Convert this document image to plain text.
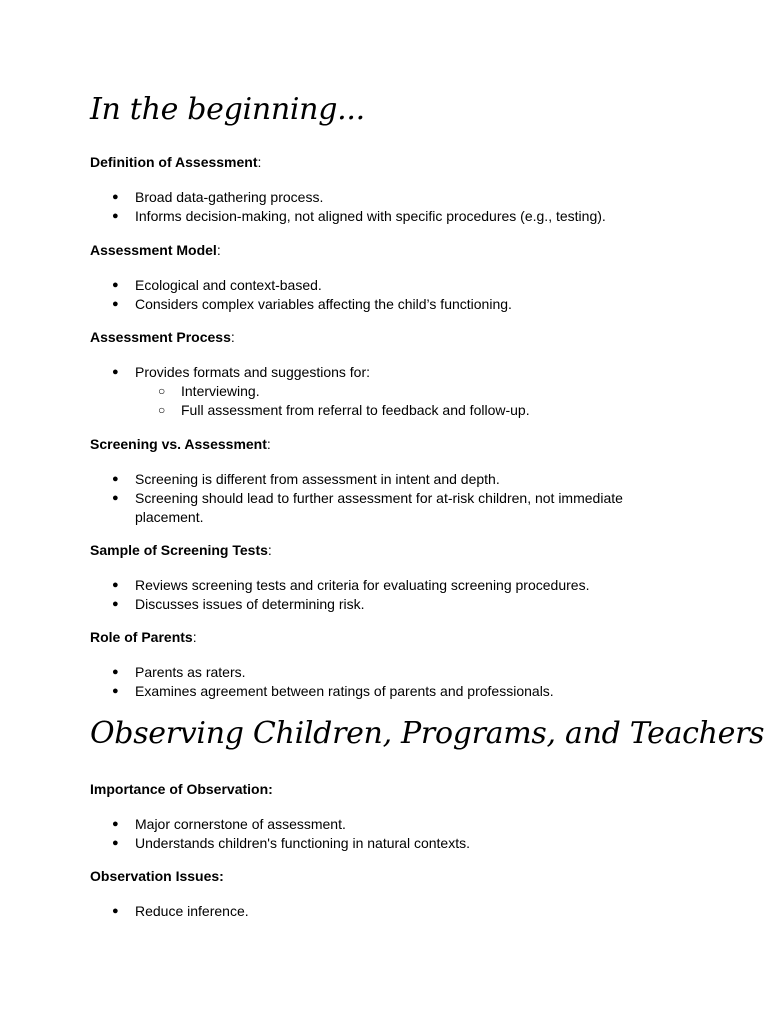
In the beginning...

Definition of Assessment:

● Broad data-gathering process.
● Informs decision-making, not aligned with specific procedures (e.g., testing).

Assessment Model:

● Ecological and context-based.
● Considers complex variables affecting the child’s functioning.

Assessment Process:

● Provides formats and suggestions for:
○ Interviewing.
○ Full assessment from referral to feedback and follow-up.

Screening vs. Assessment:

● Screening is different from assessment in intent and depth.
● Screening should lead to further assessment for at-risk children, not immediate placement.

Sample of Screening Tests:

● Reviews screening tests and criteria for evaluating screening procedures.
● Discusses issues of determining risk.

Role of Parents:

● Parents as raters.
● Examines agreement between ratings of parents and professionals.
Observing Children, Programs, and Teachers

Importance of Observation:

● Major cornerstone of assessment.
● Understands children's functioning in natural contexts.

Observation Issues:

● Reduce inference.
